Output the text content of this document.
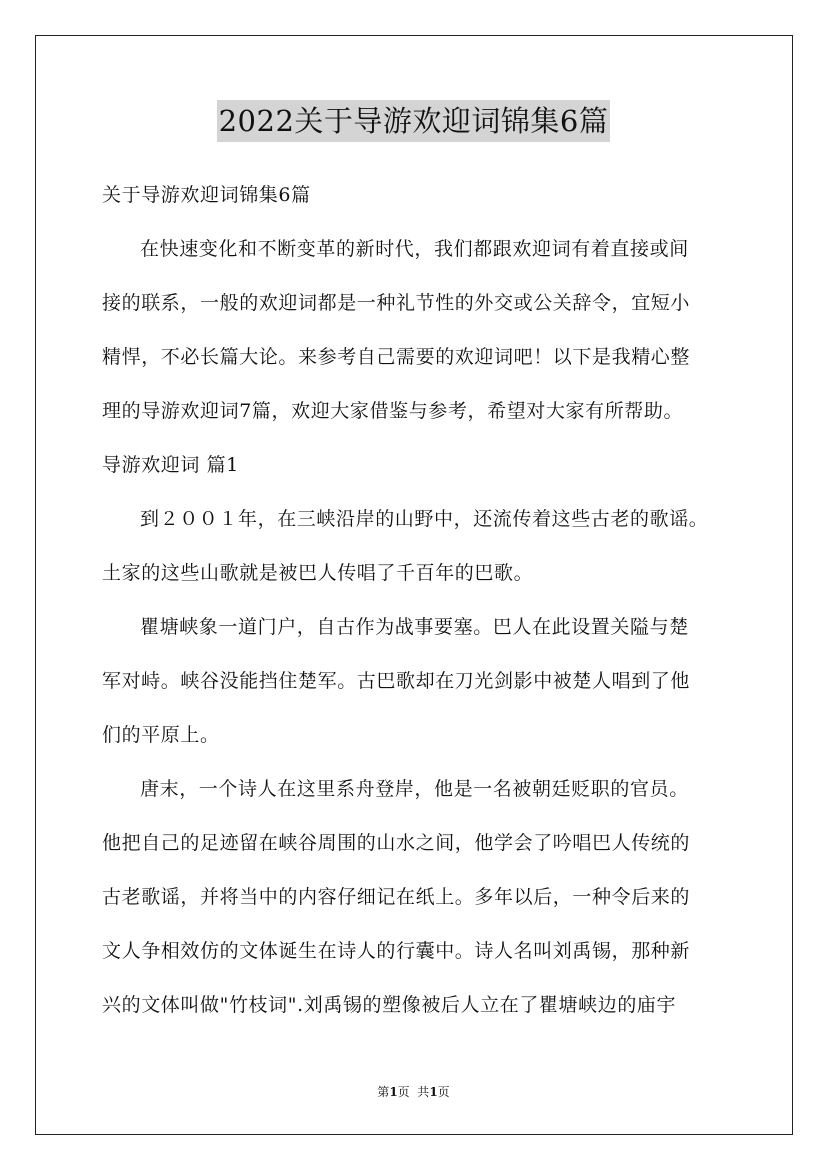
2022关于导游欢迎词锦集6篇
关于导游欢迎词锦集6篇
在快速变化和不断变革的新时代，我们都跟欢迎词有着直接或间
接的联系，一般的欢迎词都是一种礼节性的外交或公关辞令，宜短小
精悍，不必长篇大论。来参考自己需要的欢迎词吧！以下是我精心整
理的导游欢迎词7篇，欢迎大家借鉴与参考，希望对大家有所帮助。
导游欢迎词 篇1
到２００１年，在三峡沿岸的山野中，还流传着这些古老的歌谣。
土家的这些山歌就是被巴人传唱了千百年的巴歌。
瞿塘峡象一道门户，自古作为战事要塞。巴人在此设置关隘与楚
军对峙。峡谷没能挡住楚军。古巴歌却在刀光剑影中被楚人唱到了他
们的平原上。
唐末，一个诗人在这里系舟登岸，他是一名被朝廷贬职的官员。
他把自己的足迹留在峡谷周围的山水之间，他学会了吟唱巴人传统的
古老歌谣，并将当中的内容仔细记在纸上。多年以后，一种令后来的
文人争相效仿的文体诞生在诗人的行囊中。诗人名叫刘禹锡，那种新
兴的文体叫做"竹枝词".刘禹锡的塑像被后人立在了瞿塘峡边的庙宇
第1页  共1页
